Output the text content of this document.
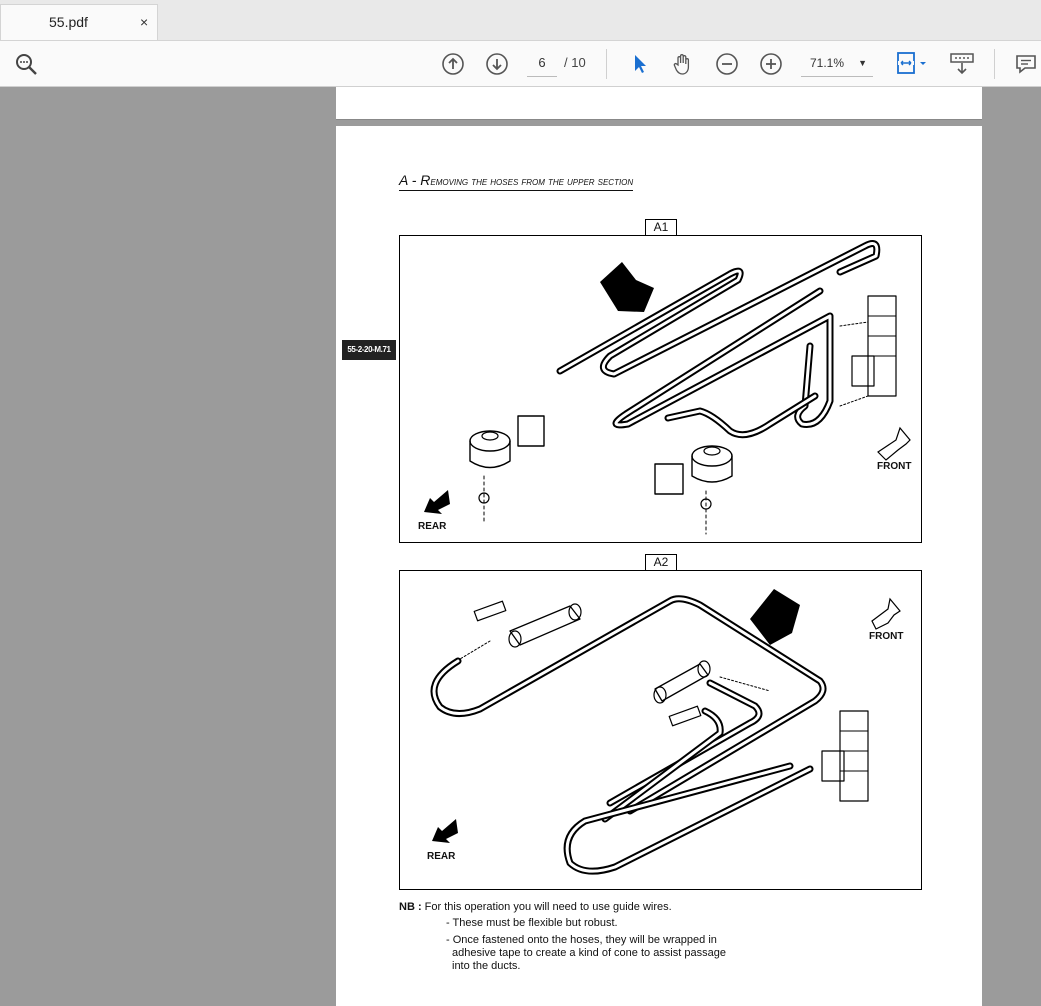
55.pdf	×
6	/ 10	71.1% ▼
A - Removing the hoses from the upper section
55-2-20-M.71
A1
FRONT
REAR
A2
FRONT
REAR
NB : For this operation you will need to use guide wires.
- These must be flexible but robust.
- Once fastened onto the hoses, they will be wrapped in
adhesive tape to create a kind of cone to assist passage
into the ducts.
